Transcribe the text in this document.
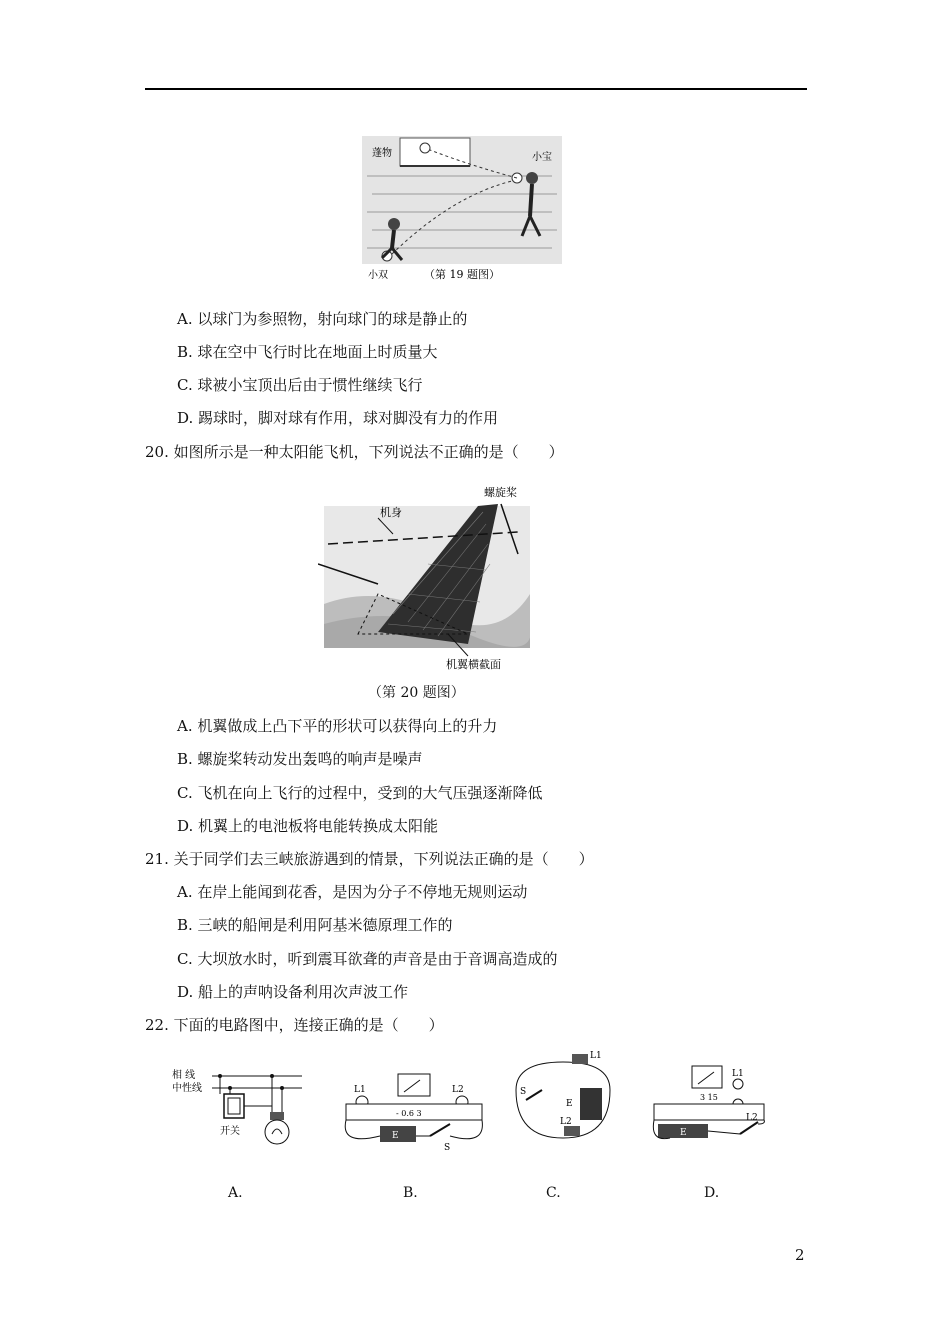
蓬物	小宝
小双	（第 19 题图）
A. 以球门为参照物，射向球门的球是静止的
B. 球在空中飞行时比在地面上时质量大
C. 球被小宝顶出后由于惯性继续飞行
D. 踢球时，脚对球有作用，球对脚没有力的作用
20. 如图所示是一种太阳能飞机，下列说法不正确的是（　　）
螺旋桨
机身
机翼横截面
（第 20 题图）
A. 机翼做成上凸下平的形状可以获得向上的升力
B. 螺旋桨转动发出轰鸣的响声是噪声
C. 飞机在向上飞行的过程中，受到的大气压强逐渐降低
D. 机翼上的电池板将电能转换成太阳能
21. 关于同学们去三峡旅游遇到的情景，下列说法正确的是（　　）
A. 在岸上能闻到花香，是因为分子不停地无规则运动
B. 三峡的船闸是利用阿基米德原理工作的
C. 大坝放水时，听到震耳欲聋的声音是由于音调高造成的
D. 船上的声呐设备利用次声波工作
22. 下面的电路图中，连接正确的是（　　）
相 线
中性线
开关
L1	L2
- 0.6 3
E
S
L1
L2
E
S
L1
L2
E
3 15
A.	B.	C.	D.
2
